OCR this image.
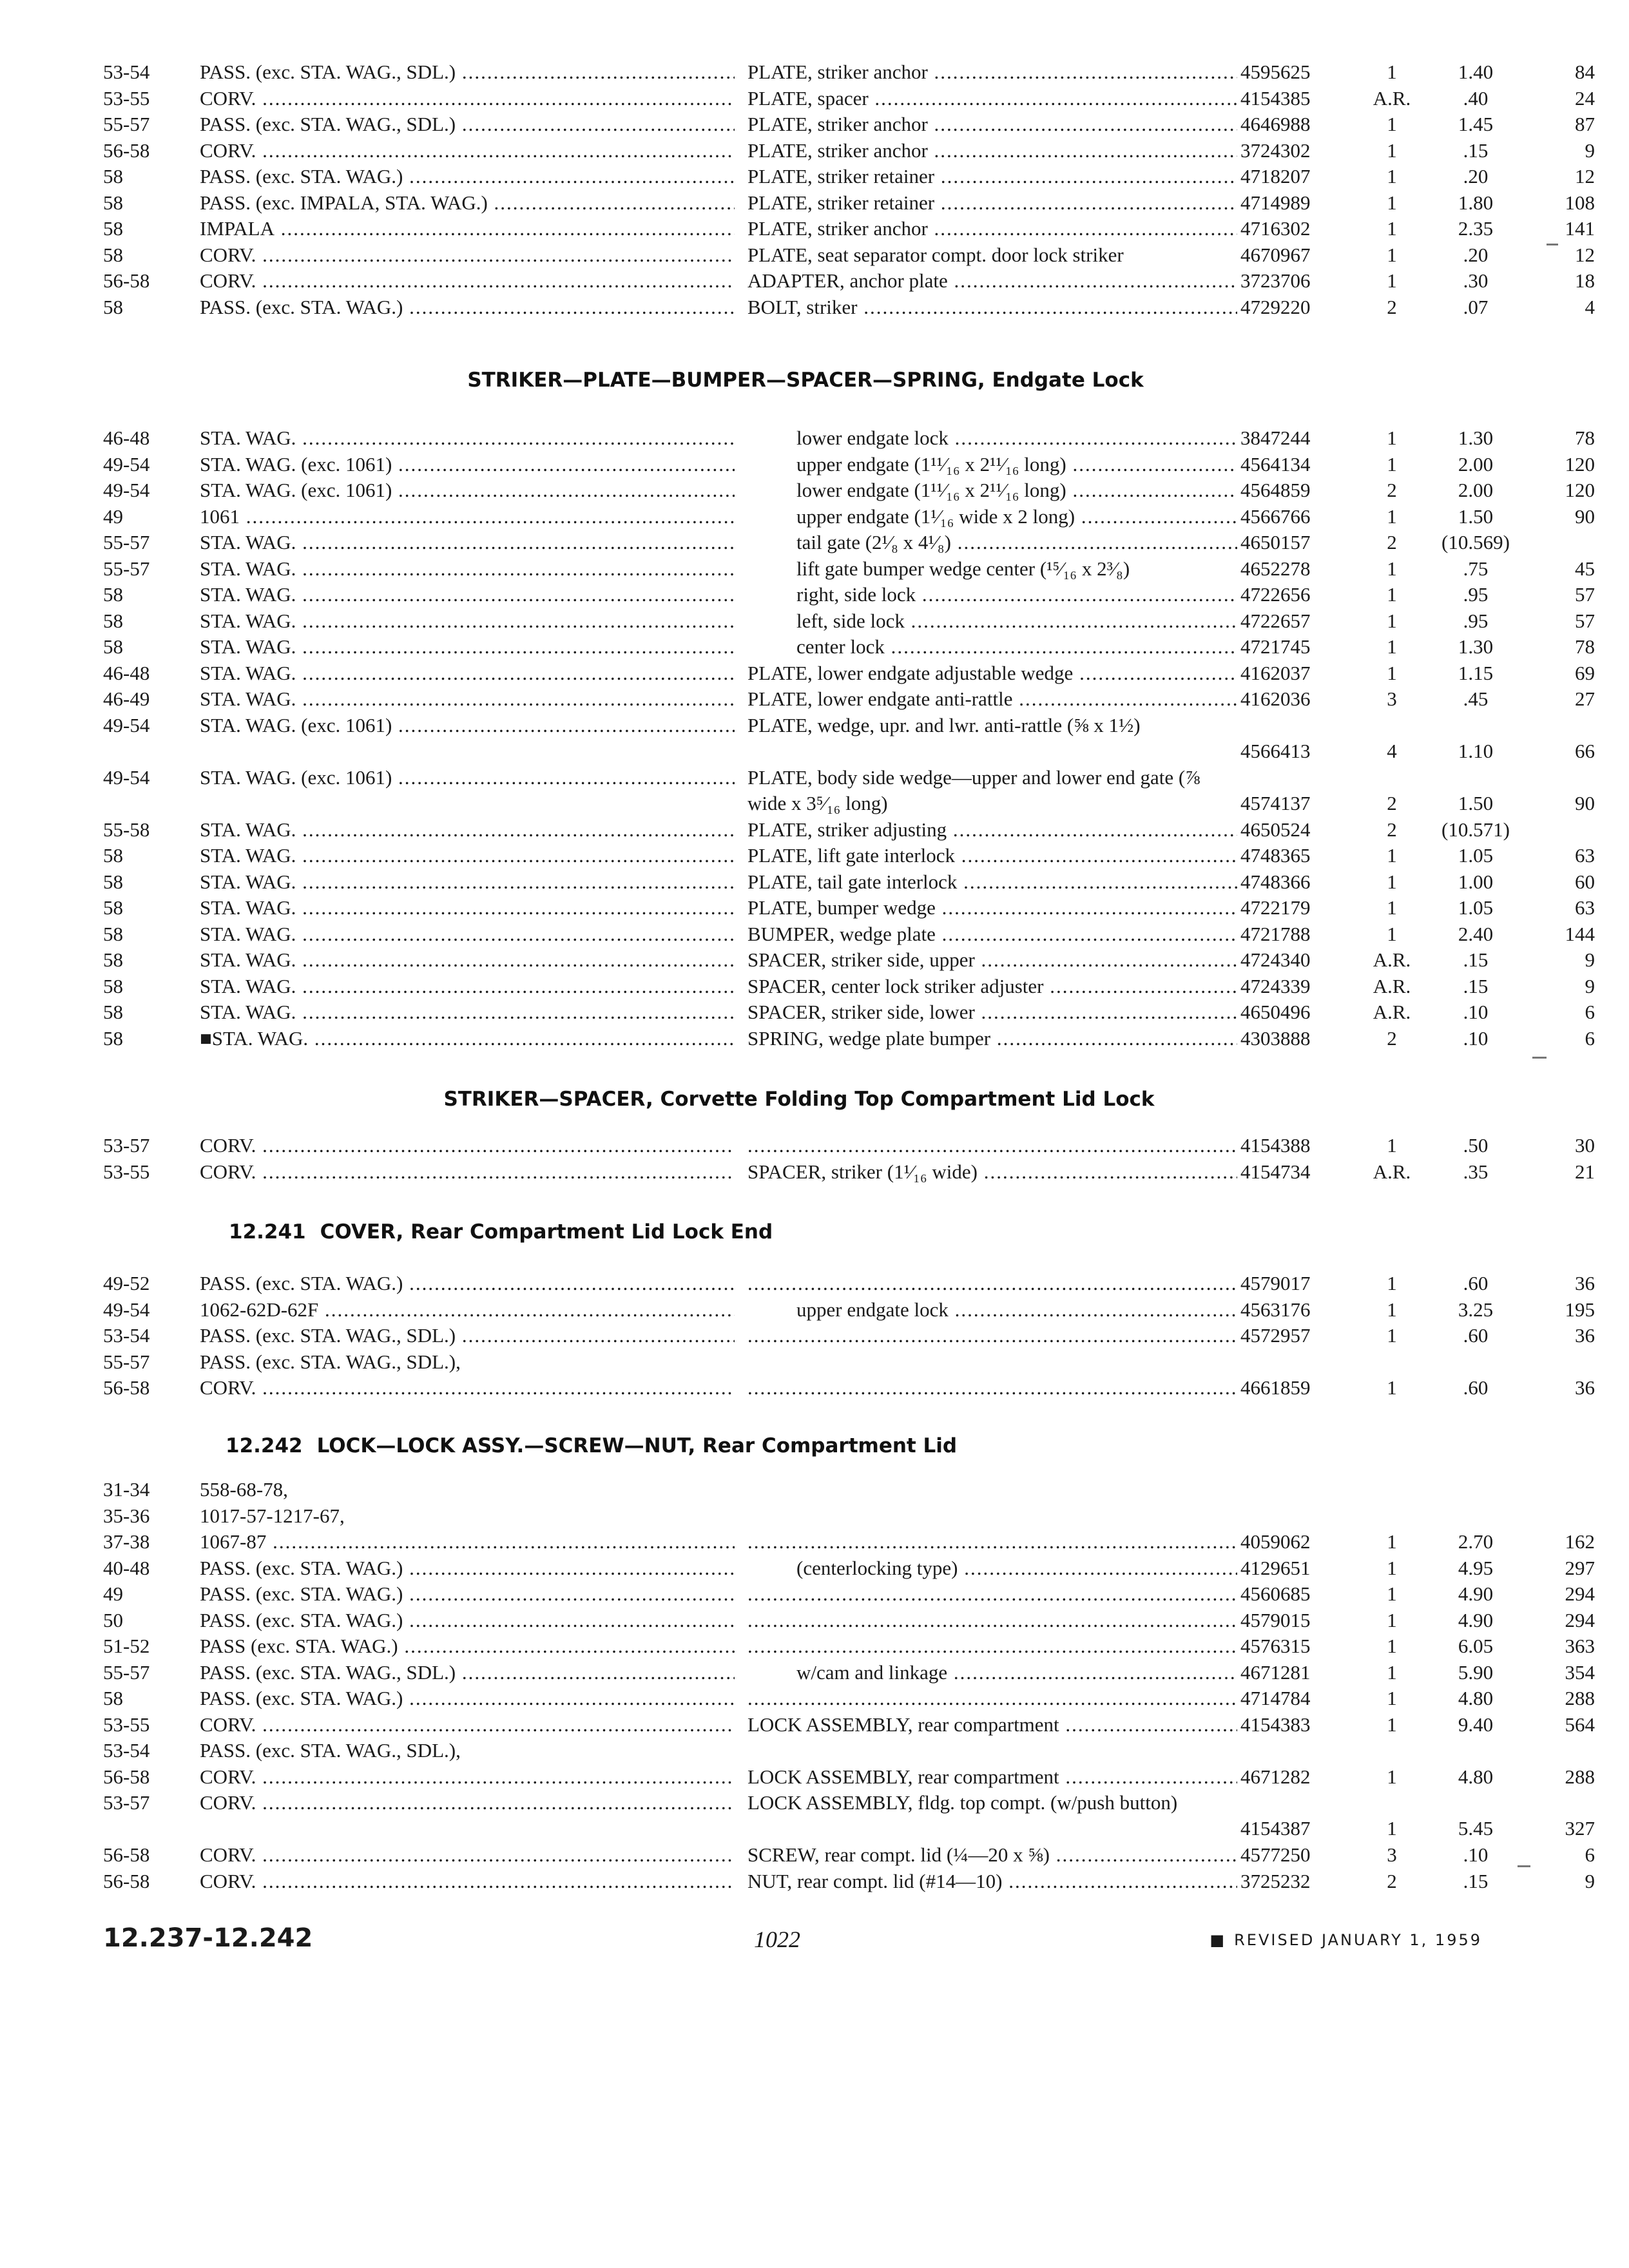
53-54	PASS. (exc. STA. WAG., SDL.) .....	PLATE, striker anchor .....	4595625	1	1.40	84
53-55	CORV. .....	PLATE, spacer .....	4154385	A.R.	.40	24
55-57	PASS. (exc. STA. WAG., SDL.) .....	PLATE, striker anchor .....	4646988	1	1.45	87
56-58	CORV. .....	PLATE, striker anchor .....	3724302	1	.15	9
58	PASS. (exc. STA. WAG.) .....	PLATE, striker retainer .....	4718207	1	.20	12
58	PASS. (exc. IMPALA, STA. WAG.) .....	PLATE, striker retainer .....	4714989	1	1.80	108
58	IMPALA .....	PLATE, striker anchor .....	4716302	1	2.35	141
58	CORV. .....	PLATE, seat separator compt. door lock striker	4670967	1	.20	12
56-58	CORV. .....	ADAPTER, anchor plate .....	3723706	1	.30	18
58	PASS. (exc. STA. WAG.) .....	BOLT, striker .....	4729220	2	.07	4
STRIKER—PLATE—BUMPER—SPACER—SPRING, Endgate Lock
46-48	STA. WAG. .....	lower endgate lock .....	3847244	1	1.30	78
49-54	STA. WAG. (exc. 1061) .....	upper endgate (1¹¹⁄₁₆ x 2¹¹⁄₁₆ long) .....	4564134	1	2.00	120
49-54	STA. WAG. (exc. 1061) .....	lower endgate (1¹¹⁄₁₆ x 2¹¹⁄₁₆ long) .....	4564859	2	2.00	120
49	1061 .....	upper endgate (1¹⁄₁₆ wide x 2 long) .....	4566766	1	1.50	90
55-57	STA. WAG. .....	tail gate (2¹⁄₈ x 4¹⁄₈) .....	4650157	2	(10.569)
55-57	STA. WAG. .....	lift gate bumper wedge center (¹⁵⁄₁₆ x 2³⁄₈)	4652278	1	.75	45
58	STA. WAG. .....	right, side lock .....	4722656	1	.95	57
58	STA. WAG. .....	left, side lock .....	4722657	1	.95	57
58	STA. WAG. .....	center lock .....	4721745	1	1.30	78
46-48	STA. WAG. .....	PLATE, lower endgate adjustable wedge .....	4162037	1	1.15	69
46-49	STA. WAG. .....	PLATE, lower endgate anti-rattle .....	4162036	3	.45	27
49-54	STA. WAG. (exc. 1061) .....	PLATE, wedge, upr. and lwr. anti-rattle (⅝ x 1½)
4566413	4	1.10	66
49-54	STA. WAG. (exc. 1061) .....	PLATE, body side wedge—upper and lower end gate (⅞ wide x 3⁵⁄₁₆ long)	4574137	2	1.50	90
55-58	STA. WAG. .....	PLATE, striker adjusting .....	4650524	2	(10.571)
58	STA. WAG. .....	PLATE, lift gate interlock .....	4748365	1	1.05	63
58	STA. WAG. .....	PLATE, tail gate interlock .....	4748366	1	1.00	60
58	STA. WAG. .....	PLATE, bumper wedge .....	4722179	1	1.05	63
58	STA. WAG. .....	BUMPER, wedge plate .....	4721788	1	2.40	144
58	STA. WAG. .....	SPACER, striker side, upper .....	4724340	A.R.	.15	9
58	STA. WAG. .....	SPACER, center lock striker adjuster .....	4724339	A.R.	.15	9
58	STA. WAG. .....	SPACER, striker side, lower .....	4650496	A.R.	.10	6
58	■STA. WAG. .....	SPRING, wedge plate bumper .....	4303888	2	.10	6
STRIKER—SPACER, Corvette Folding Top Compartment Lid Lock
53-57	CORV. ..... .....	4154388	1	.50	30
53-55	CORV. .....	SPACER, striker (1¹⁄₁₆ wide) .....	4154734	A.R.	.35	21
12.241 COVER, Rear Compartment Lid Lock End
49-52	PASS. (exc. STA. WAG.) ..... .....	4579017	1	.60	36
49-54	1062-62D-62F .....	upper endgate lock .....	4563176	1	3.25	195
53-54	PASS. (exc. STA. WAG., SDL.) ..... .....	4572957	1	.60	36
55-57	PASS. (exc. STA. WAG., SDL.),
56-58	CORV. ..... .....	4661859	1	.60	36
12.242 LOCK—LOCK ASSY.—SCREW—NUT, Rear Compartment Lid
31-34	558-68-78,
35-36	1017-57-1217-67,
37-38	1067-87 ..... .....	4059062	1	2.70	162
40-48	PASS. (exc. STA. WAG.) .....	(centerlocking type) .....	4129651	1	4.95	297
49	PASS. (exc. STA. WAG.) ..... .....	4560685	1	4.90	294
50	PASS. (exc. STA. WAG.) ..... .....	4579015	1	4.90	294
51-52	PASS (exc. STA. WAG.) ..... .....	4576315	1	6.05	363
55-57	PASS. (exc. STA. WAG., SDL.) .....	w/cam and linkage .....	4671281	1	5.90	354
58	PASS. (exc. STA. WAG.) ..... .....	4714784	1	4.80	288
53-55	CORV. .....	LOCK ASSEMBLY, rear compartment .....	4154383	1	9.40	564
53-54	PASS. (exc. STA. WAG., SDL.),
56-58	CORV. .....	LOCK ASSEMBLY, rear compartment .....	4671282	1	4.80	288
53-57	CORV. .....	LOCK ASSEMBLY, fldg. top compt. (w/push button)
4154387	1	5.45	327
56-58	CORV. .....	SCREW, rear compt. lid (¼—20 x ⅝) .....	4577250	3	.10	6
56-58	CORV. .....	NUT, rear compt. lid (#14—10) .....	3725232	2	.15	9
12.237-12.242	1022	■ REVISED JANUARY 1, 1959
